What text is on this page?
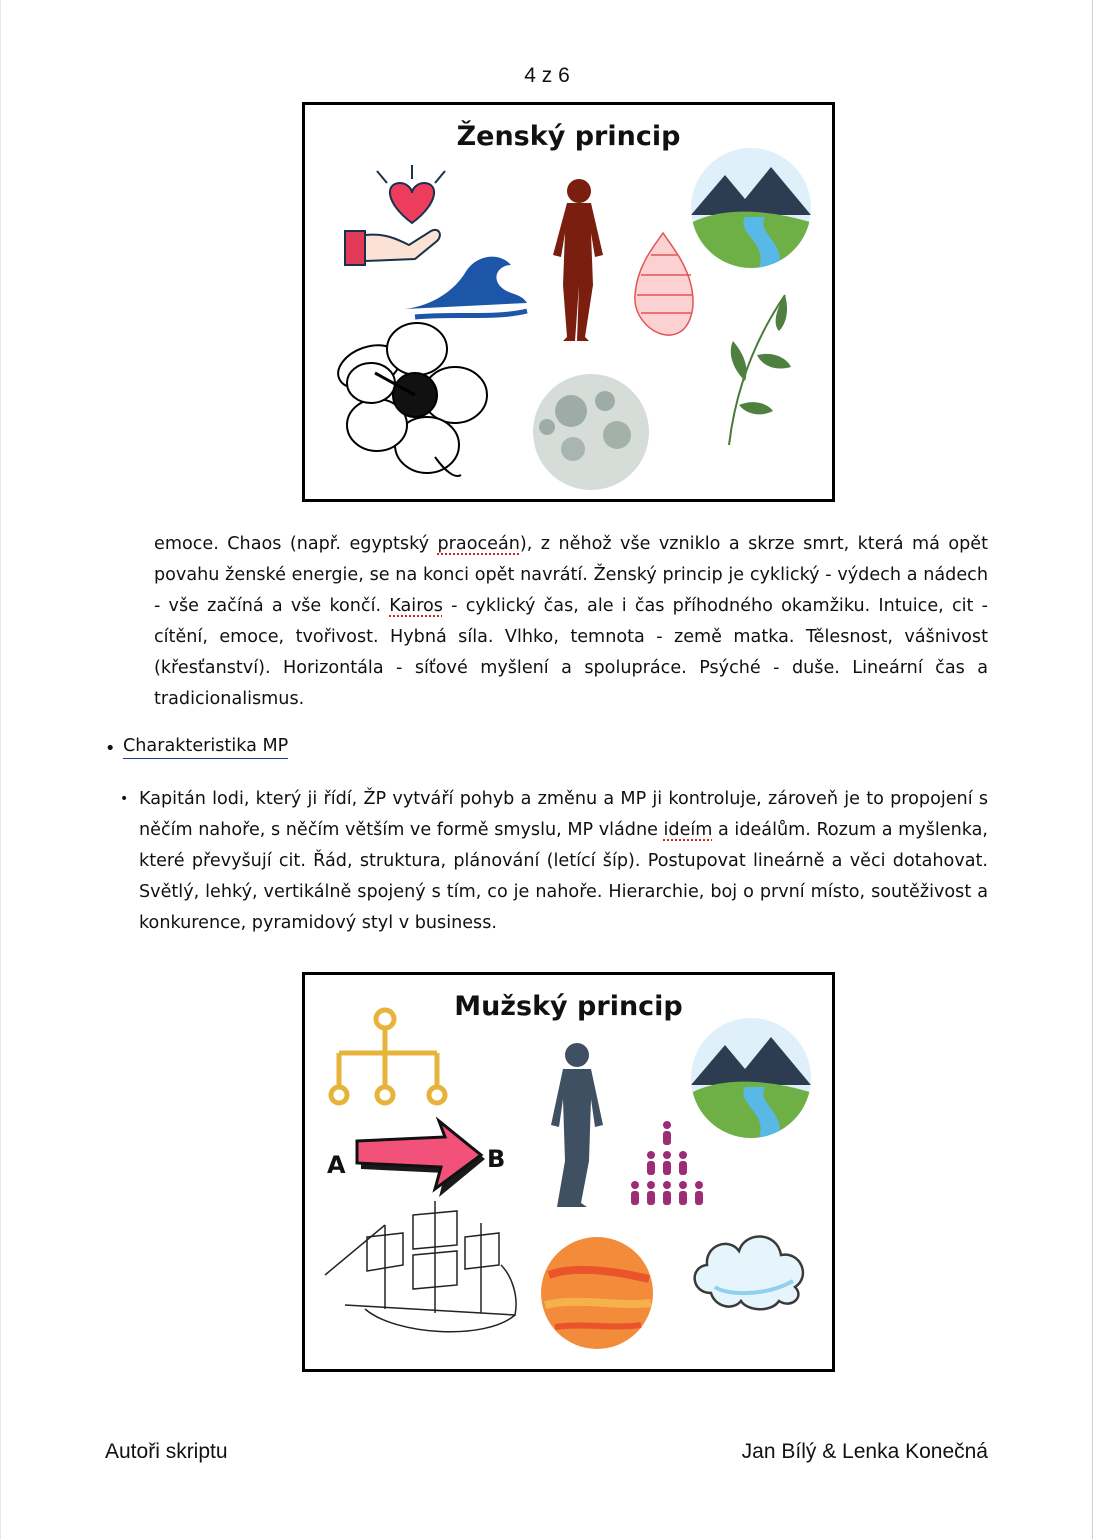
4 z 6
Ženský princip
emoce. Chaos (např. egyptský praoceán), z něhož vše vzniklo a skrze smrt, která má opět povahu ženské energie, se na konci opět navrátí. Ženský princip je cyklický - výdech a nádech - vše začíná a vše končí. Kairos - cyklický čas, ale i čas příhodného okamžiku. Intuice, cit - cítění, emoce, tvořivost. Hybná síla. Vlhko, temnota - země matka. Tělesnost, vášnivost (křesťanství). Horizontála - síťové myšlení a spolupráce. Psýché - duše. Lineární čas a tradicionalismus.
• Charakteristika MP
• Kapitán lodi, který ji řídí, ŽP vytváří pohyb a změnu a MP ji kontroluje, zároveň je to propojení s něčím nahoře, s něčím větším ve formě smyslu, MP vládne ideím a ideálům. Rozum a myšlenka, které převyšují cit. Řád, struktura, plánování (letící šíp). Postupovat lineárně a věci dotahovat. Světlý, lehký, vertikálně spojený s tím, co je nahoře. Hierarchie, boj o první místo, soutěživost a konkurence, pyramidový styl v business.
A	B
Mužský princip
Autoři skriptu	Jan Bílý & Lenka Konečná
